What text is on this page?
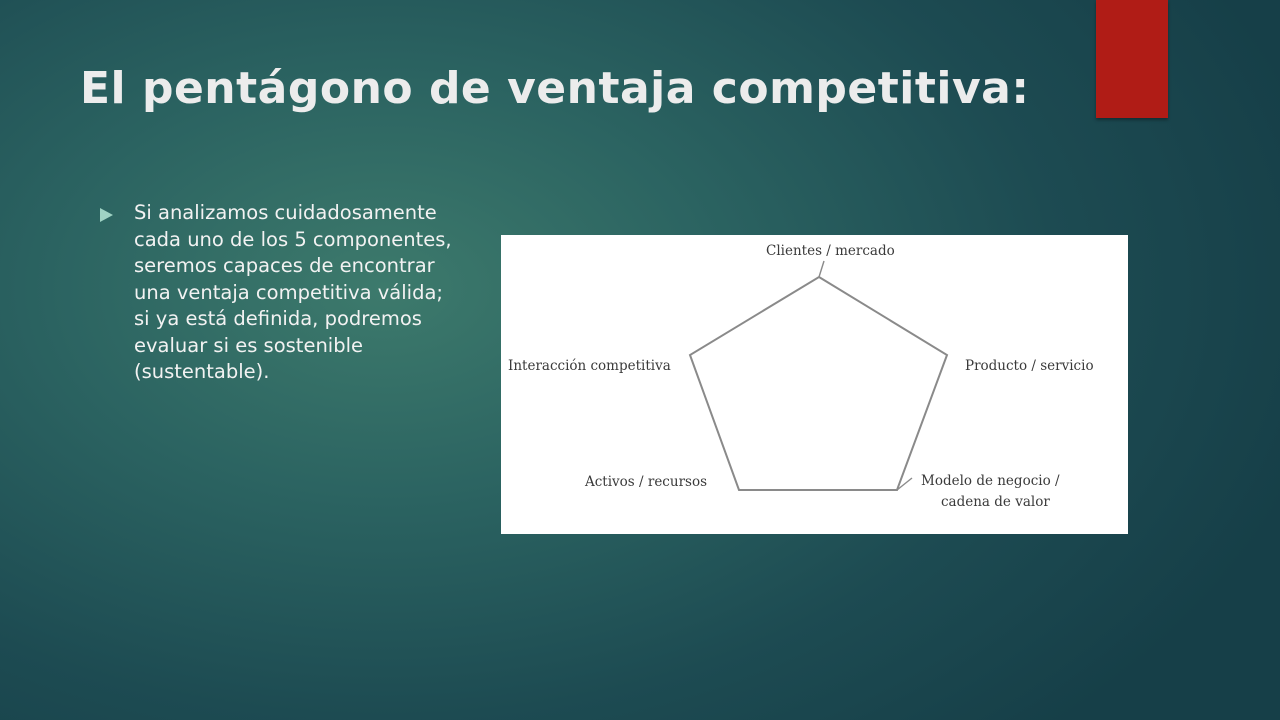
El pentágono de ventaja competitiva:

Si analizamos cuidadosamente cada uno de los 5 componentes, seremos capaces de encontrar una ventaja competitiva válida; si ya está definida, podremos evaluar si es sostenible (sustentable).

Clientes / mercado
Producto / servicio
Modelo de negocio /
cadena de valor
Activos / recursos
Interacción competitiva
